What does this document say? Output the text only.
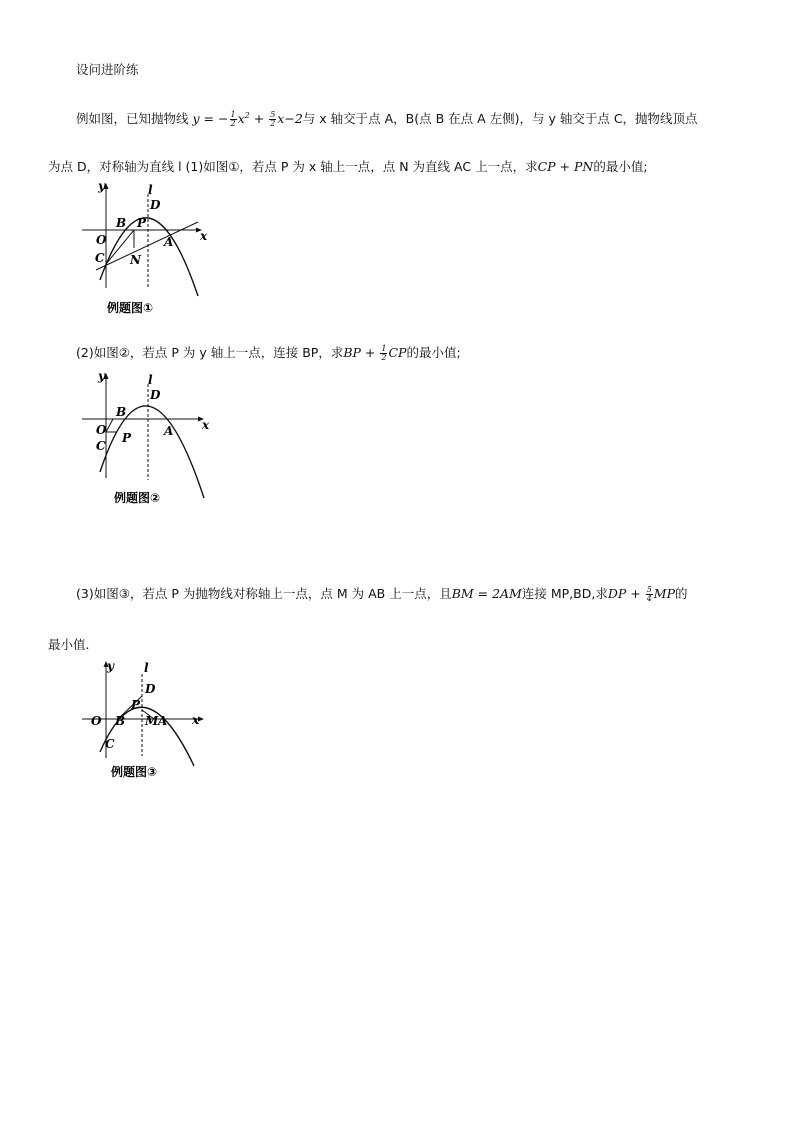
设问进阶练
例如图，已知抛物线 y = − $\frac{1}{2} x^2 + \frac{5}{2} x-2$与 x 轴交于点 A，B(点 B 在点 A 左侧)，与 y 轴交于点 C，抛物线顶点
为点 D，对称轴为直线 l (1)如图①，若点 P 为 x 轴上一点，点 N 为直线 AC 上一点，求CP + PN的最小值;
y	l
D
B P
O	A x
C N
例题图①
(2)如图②，若点 P 为 y 轴上一点，连接 BP，求BP + $\frac{1}{2}$ CP的最小值;
y	l
D
B
O	A x
P
C
例题图②
(3)如图③，若点 P 为抛物线对称轴上一点，点 M 为 AB 上一点，且BM = 2AM连接 MP,BD,求DP + $\frac{5}{4}$ MP的
最小值.
y	l
D
O B
P
M A x
C
例题图③
